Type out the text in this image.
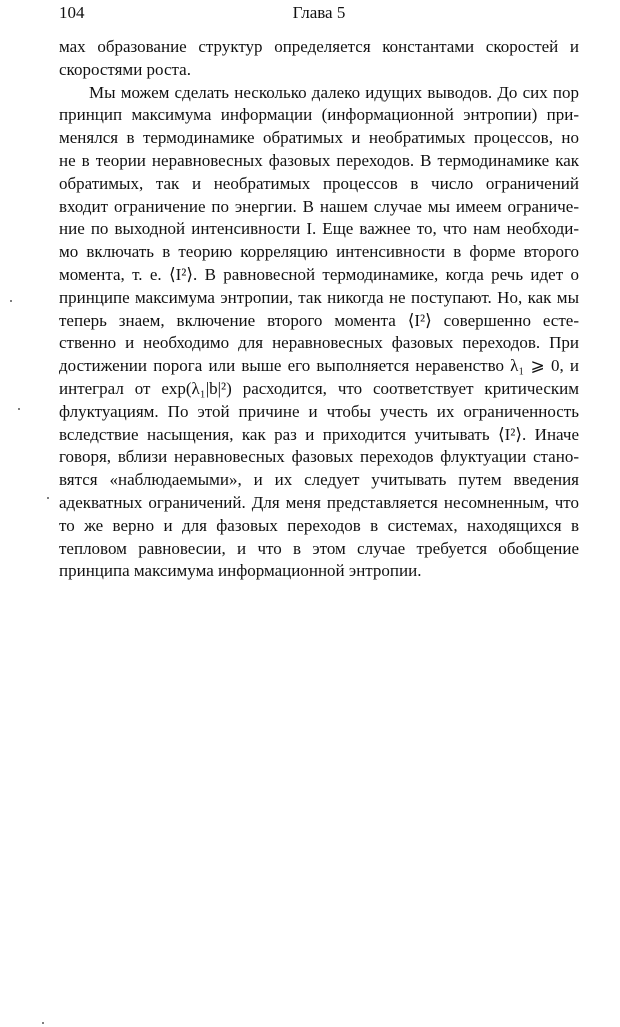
104	Глава 5
мах образование структур определяется константами скоростей и
скоростями роста.
Мы можем сделать несколько далеко идущих выводов. До сих пор
принцип максимума информации (информационной энтропии) при-
менялся в термодинамике обратимых и необратимых процессов, но
не в теории неравновесных фазовых переходов. В термодинамике как
обратимых, так и необратимых процессов в число ограничений
входит ограничение по энергии. В нашем случае мы имеем ограниче-
ние по выходной интенсивности I. Еще важнее то, что нам необходи-
мо включать в теорию корреляцию интенсивности в форме второго
момента, т. е. ⟨I²⟩. В равновесной термодинамике, когда речь идет о
принципе максимума энтропии, так никогда не поступают. Но, как мы
теперь знаем, включение второго момента ⟨I²⟩ совершенно есте-
ственно и необходимо для неравновесных фазовых переходов. При
достижении порога или выше его выполняется неравенство λ₁ ⩾ 0, и
интеграл от exp(λ₁|b|²) расходится, что соответствует критическим
флуктуациям. По этой причине и чтобы учесть их ограниченность
вследствие насыщения, как раз и приходится учитывать ⟨I²⟩. Иначе
говоря, вблизи неравновесных фазовых переходов флуктуации стано-
вятся «наблюдаемыми», и их следует учитывать путем введения
адекватных ограничений. Для меня представляется несомненным, что
то же верно и для фазовых переходов в системах, находящихся в
тепловом равновесии, и что в этом случае требуется обобщение
принципа максимума информационной энтропии.
